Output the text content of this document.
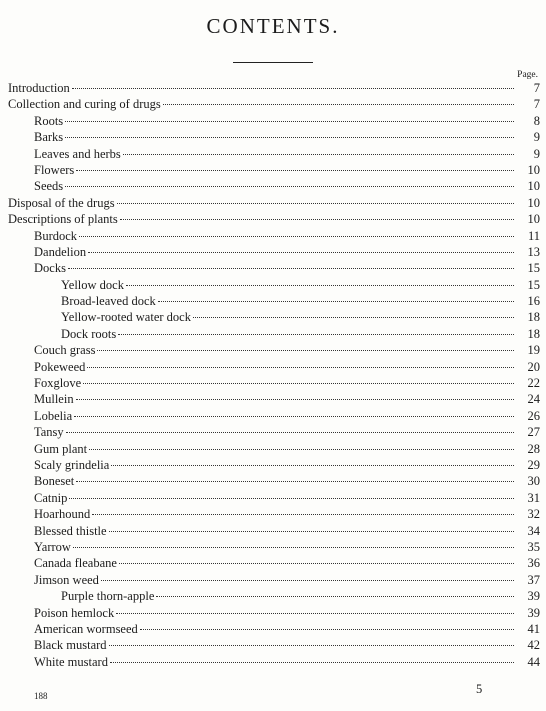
CONTENTS.
Page.
Introduction	7
Collection and curing of drugs	7
Roots	8
Barks	9
Leaves and herbs	9
Flowers	10
Seeds	10
Disposal of the drugs	10
Descriptions of plants	10
Burdock	11
Dandelion	13
Docks	15
Yellow dock	15
Broad-leaved dock	16
Yellow-rooted water dock	18
Dock roots	18
Couch grass	19
Pokeweed	20
Foxglove	22
Mullein	24
Lobelia	26
Tansy	27
Gum plant	28
Scaly grindelia	29
Boneset	30
Catnip	31
Hoarhound	32
Blessed thistle	34
Yarrow	35
Canada fleabane	36
Jimson weed	37
Purple thorn-apple	39
Poison hemlock	39
American wormseed	41
Black mustard	42
White mustard	44
5
188
